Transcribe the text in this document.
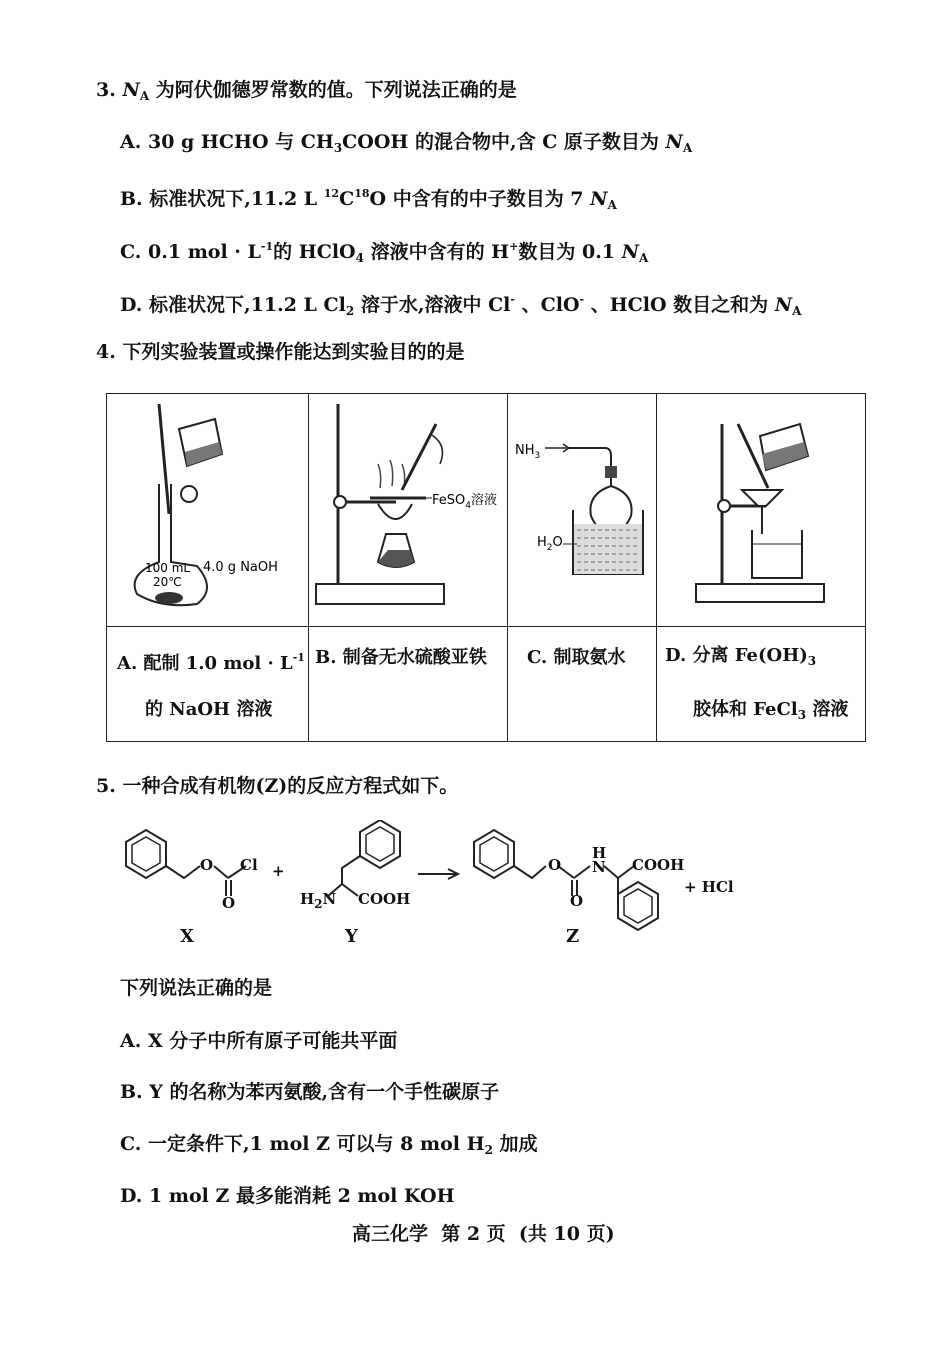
3. $N_A$ 为阿伏伽德罗常数的值。下列说法正确的是
A. 30 g HCHO 与 $CH_3COOH$ 的混合物中,含 C 原子数目为 $N_A$
B. 标准状况下,11.2 L $^{12}C^{18}O$ 中含有的中子数目为 7 $N_A$
C. 0.1 mol · $L^{-1}$的 HClO$_4$ 溶液中含有的 H+数目为 0.1 $N_A$
D. 标准状况下,11.2 L $Cl_2$ 溶于水,溶液中 Cl- 、ClO- 、HClO 数目之和为 $N_A$
4. 下列实验装置或操作能达到实验目的的是
100 mL
20℃
4.0 g NaOH
FeSO$_4$溶液
$NH_3$
$H_2O$
A. 配制 1.0 mol · $L^{-1}$
的 NaOH 溶液
B. 制备无水硫酸亚铁 C. 制取氨水 D. 分离 $Fe(OH)_3$
胶体和 FeCl$_3$ 溶液
5. 一种合成有机物(Z)的反应方程式如下。
Cl
O
O
+
$H_2N$ COOH
O
O
H
N COOH
+ HCl
X	Y	Z
下列说法正确的是
A. X 分子中所有原子可能共平面
B. Y 的名称为苯丙氨酸,含有一个手性碳原子
C. 一定条件下,1 mol Z 可以与 8 mol $H_2$ 加成
D. 1 mol Z 最多能消耗 2 mol KOH
高三化学  第 2 页  (共 10 页)
